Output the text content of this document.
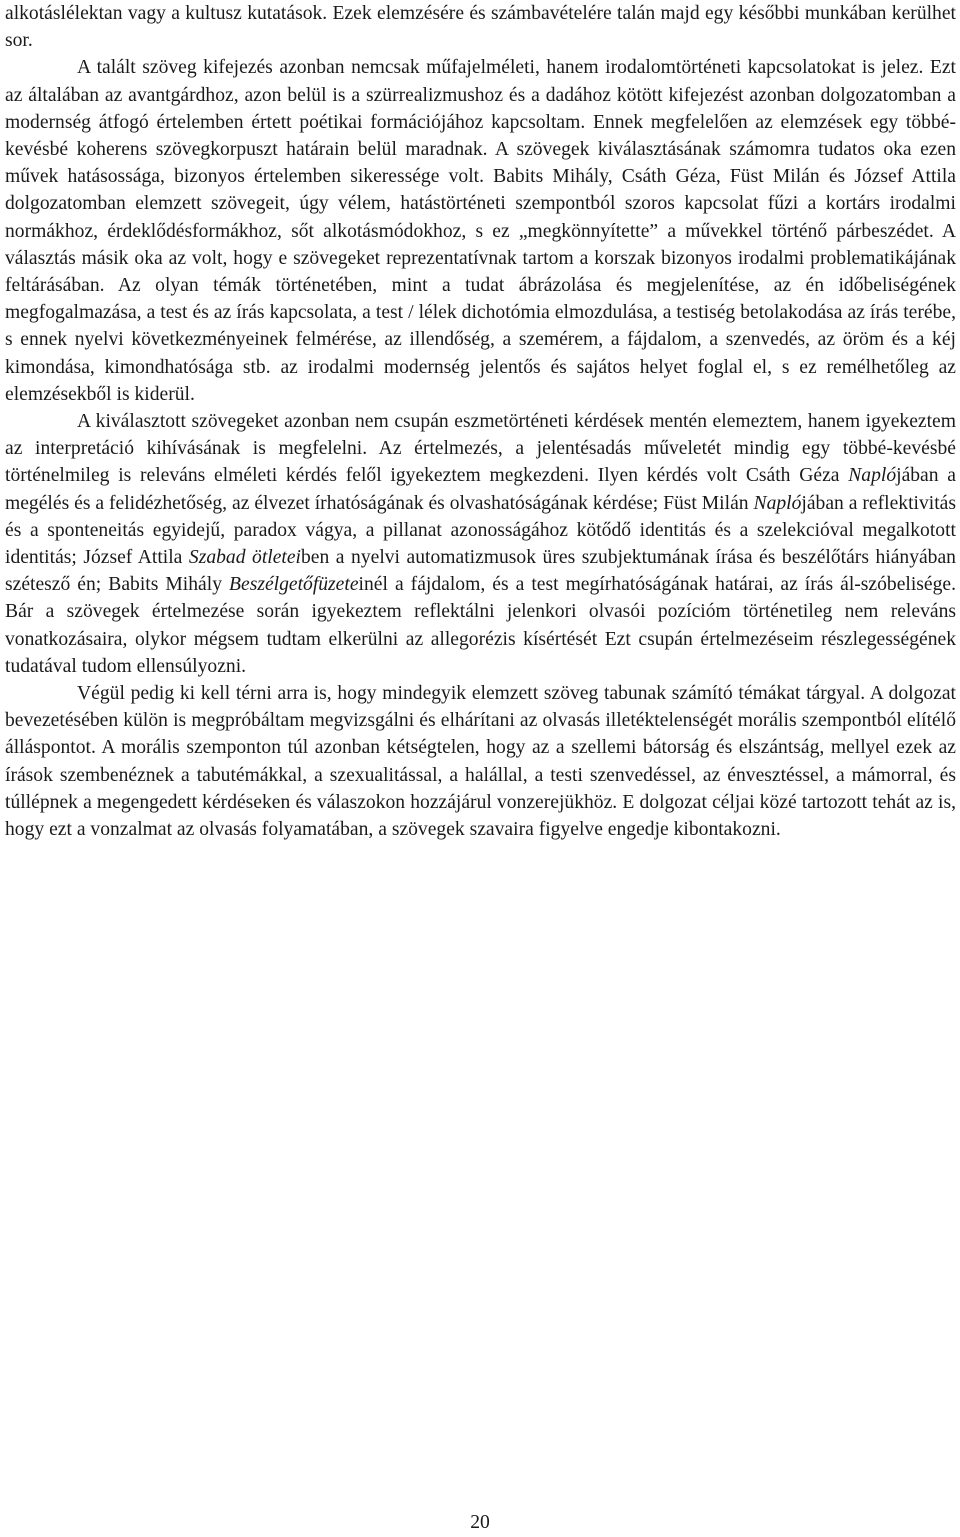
alkotáslélektan vagy a kultusz kutatások. Ezek elemzésére és számbavételére talán majd egy későbbi munkában kerülhet sor.

A talált szöveg kifejezés azonban nemcsak műfajelméleti, hanem irodalomtörténeti kapcsolatokat is jelez. Ezt az általában az avantgárdhoz, azon belül is a szürrealizmushoz és a dadához kötött kifejezést azonban dolgozatomban a modernség átfogó értelemben értett poétikai formációjához kapcsoltam. Ennek megfelelően az elemzések egy többé-kevésbé koherens szövegkorpuszt határain belül maradnak. A szövegek kiválasztásának számomra tudatos oka ezen művek hatásossága, bizonyos értelemben sikeressége volt. Babits Mihály, Csáth Géza, Füst Milán és József Attila dolgozatomban elemzett szövegeit, úgy vélem, hatástörténeti szempontból szoros kapcsolat fűzi a kortárs irodalmi normákhoz, érdeklődésformákhoz, sőt alkotásmódokhoz, s ez „megkönnyítette” a művekkel történő párbeszédet. A választás másik oka az volt, hogy e szövegeket reprezentatívnak tartom a korszak bizonyos irodalmi problematikájának feltárásában. Az olyan témák történetében, mint a tudat ábrázolása és megjelenítése, az én időbeliségének megfogalmazása, a test és az írás kapcsolata, a test / lélek dichotómia elmozdulása, a testiség betolakodása az írás terébe, s ennek nyelvi következményeinek felmérése, az illendőség, a szemérem, a fájdalom, a szenvedés, az öröm és a kéj kimondása, kimondhatósága stb. az irodalmi modernség jelentős és sajátos helyet foglal el, s ez remélhetőleg az elemzésekből is kiderül.

A kiválasztott szövegeket azonban nem csupán eszmetörténeti kérdések mentén elemeztem, hanem igyekeztem az interpretáció kihívásának is megfelelni. Az értelmezés, a jelentésadás műveletét mindig egy többé-kevésbé történelmileg is releváns elméleti kérdés felől igyekeztem megkezdeni. Ilyen kérdés volt Csáth Géza Naplójában a megélés és a felidézhetőség, az élvezet írhatóságának és olvashatóságának kérdése; Füst Milán Naplójában a reflektivitás és a sponteneitás egyidejű, paradox vágya, a pillanat azonosságához kötődő identitás és a szelekcióval megalkotott identitás; József Attila Szabad ötleteiben a nyelvi automatizmusok üres szubjektumának írása és beszélőtárs hiányában szétesző én; Babits Mihály Beszélgetőfüzeteinél a fájdalom, és a test megírhatóságának határai, az írás ál-szóbelisége. Bár a szövegek értelmezése során igyekeztem reflektálni jelenkori olvasói pozícióm történetileg nem releváns vonatkozásaira, olykor mégsem tudtam elkerülni az allegorézis kísértését Ezt csupán értelmezéseim részlegességének tudatával tudom ellensúlyozni.

Végül pedig ki kell térni arra is, hogy mindegyik elemzett szöveg tabunak számító témákat tárgyal. A dolgozat bevezetésében külön is megpróbáltam megvizsgálni és elhárítani az olvasás illetéktelenségét morális szempontból elítélő álláspontot. A morális szemponton túl azonban kétségtelen, hogy az a szellemi bátorság és elszántság, mellyel ezek az írások szembenéznek a tabutémákkal, a szexualitással, a halállal, a testi szenvedéssel, az énvesztéssel, a mámorral, és túllépnek a megengedett kérdéseken és válaszokon hozzájárul vonzerejükhöz. E dolgozat céljai közé tartozott tehát az is, hogy ezt a vonzalmat az olvasás folyamatában, a szövegek szavaira figyelve engedje kibontakozni.

20
